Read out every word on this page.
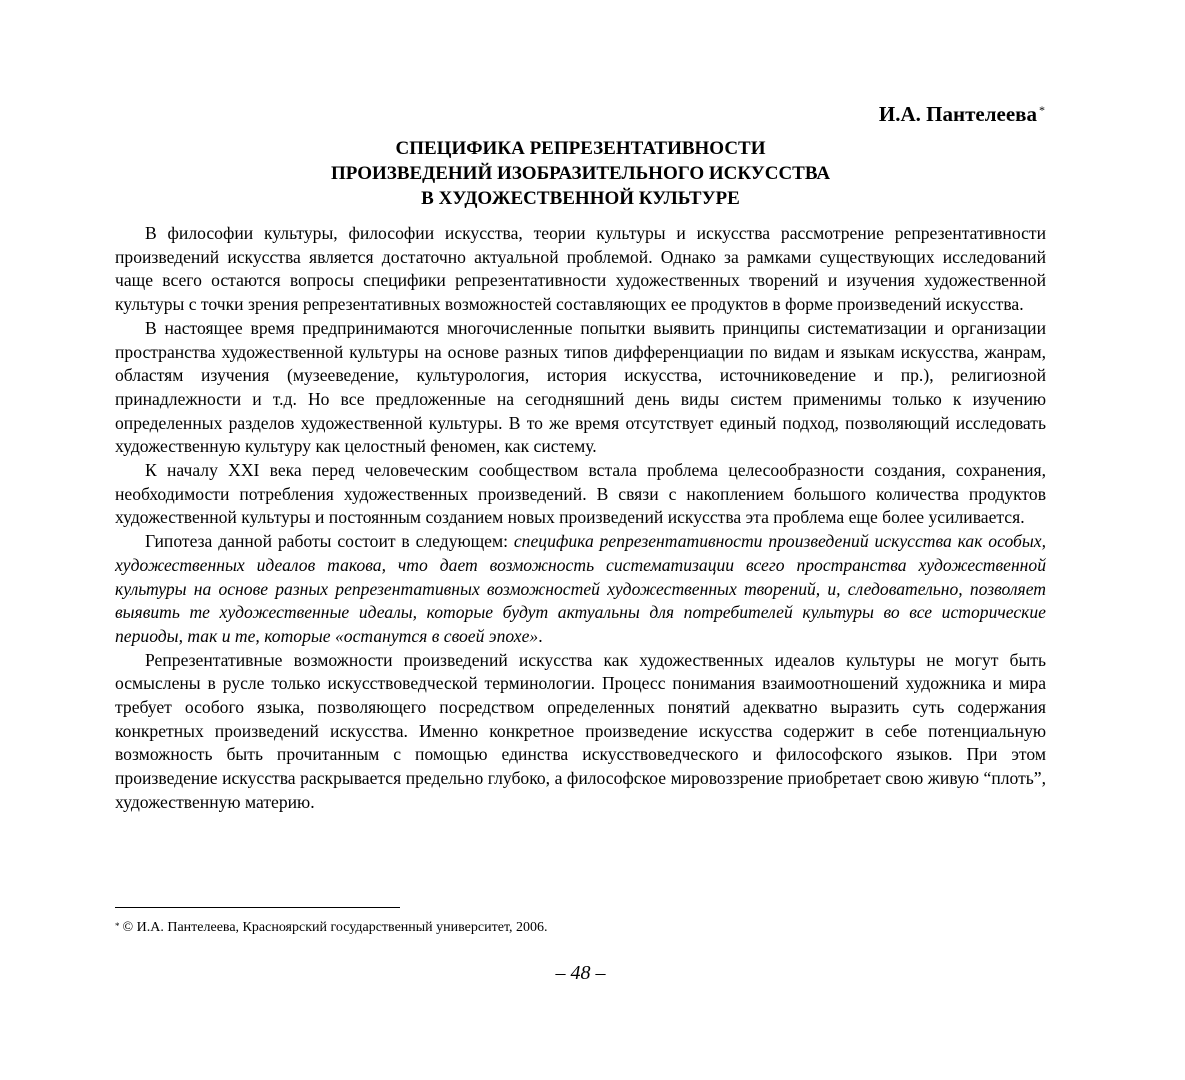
И.А. Пантелеева *
СПЕЦИФИКА РЕПРЕЗЕНТАТИВНОСТИ
ПРОИЗВЕДЕНИЙ ИЗОБРАЗИТЕЛЬНОГО ИСКУССТВА
В ХУДОЖЕСТВЕННОЙ КУЛЬТУРЕ

В философии культуры, философии искусства, теории культуры и искусства рассмотрение репрезентативности произведений искусства является достаточно актуальной проблемой. Однако за рамками существующих исследований чаще всего остаются вопросы специфики репрезентативности художественных творений и изучения художественной культуры с точки зрения репрезентативных возможностей составляющих ее продуктов в форме произведений искусства.

В настоящее время предпринимаются многочисленные попытки выявить принципы систематизации и организации пространства художественной культуры на основе разных типов дифференциации по видам и языкам искусства, жанрам, областям изучения (музееведение, культурология, история искусства, источниковедение и пр.), религиозной принадлежности и т.д. Но все предложенные на сегодняшний день виды систем применимы только к изучению определенных разделов художественной культуры. В то же время отсутствует единый подход, позволяющий исследовать художественную культуру как целостный феномен, как систему.

К началу XXI века перед человеческим сообществом встала проблема целесообразности создания, сохранения, необходимости потребления художественных произведений. В связи с накоплением большого количества продуктов художественной культуры и постоянным созданием новых произведений искусства эта проблема еще более усиливается.

Гипотеза данной работы состоит в следующем: специфика репрезентативности произведений искусства как особых, художественных идеалов такова, что дает возможность систематизации всего пространства художественной культуры на основе разных репрезентативных возможностей художественных творений, и, следовательно, позволяет выявить те художественные идеалы, которые будут актуальны для потребителей культуры во все исторические периоды, так и те, которые «останутся в своей эпохе».

Репрезентативные возможности произведений искусства как художественных идеалов культуры не могут быть осмыслены в русле только искусствоведческой терминологии. Процесс понимания взаимоотношений художника и мира требует особого языка, позволяющего посредством определенных понятий адекватно выразить суть содержания конкретных произведений искусства. Именно конкретное произведение искусства содержит в себе потенциальную возможность быть прочитанным с помощью единства искусствоведческого и философского языков. При этом произведение искусства раскрывается предельно глубоко, а философское мировоззрение приобретает свою живую “плоть”, художественную материю.

* © И.А. Пантелеева, Красноярский государственный университет, 2006.
– 48 –
